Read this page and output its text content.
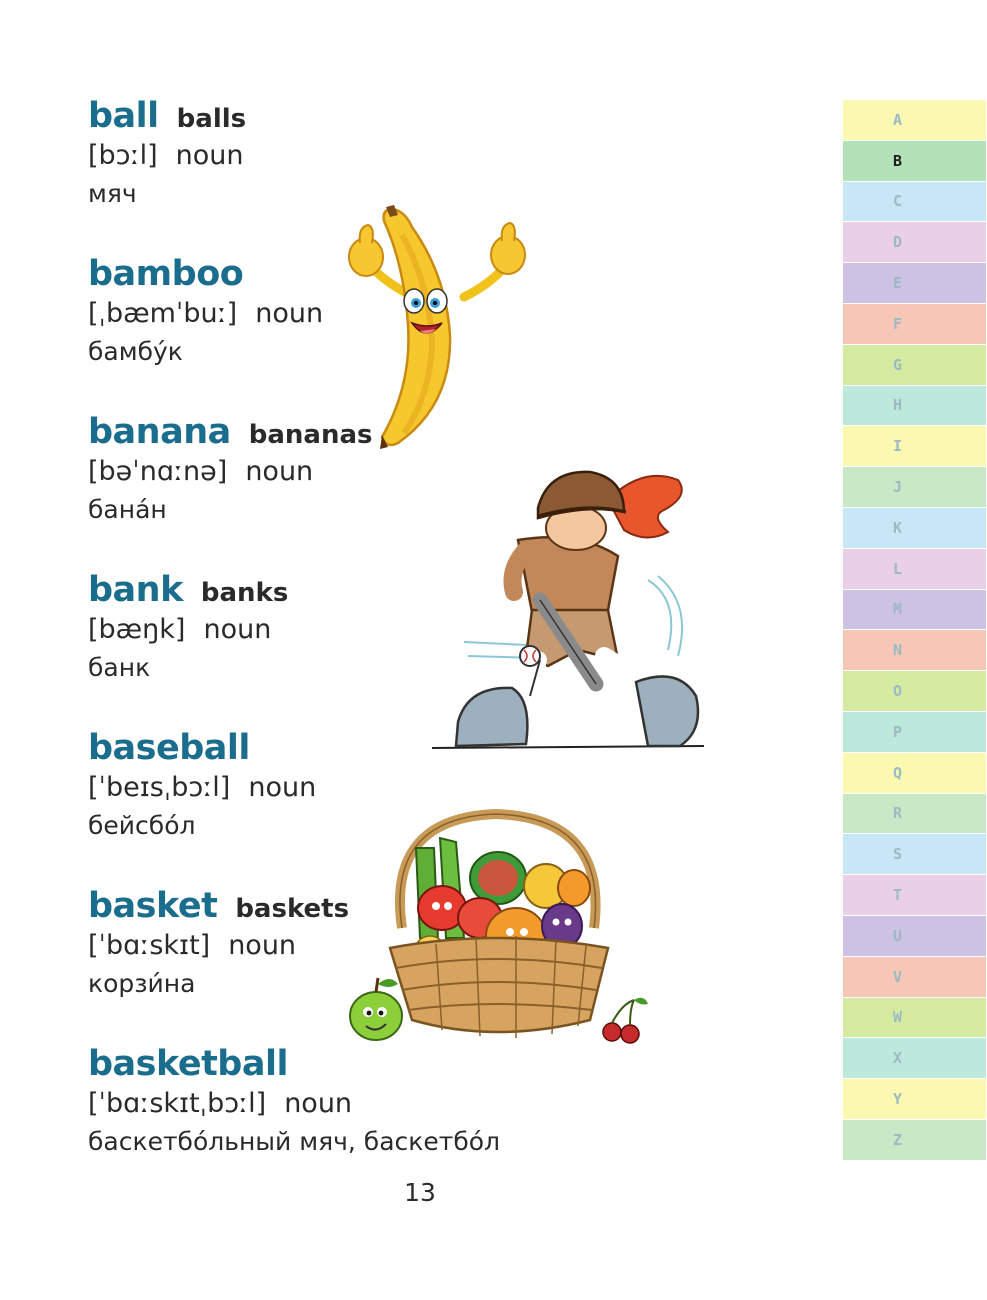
ball balls
[bɔːl] noun
мяч
bamboo
[ˌbæmˈbuː] noun
бамбу́к
banana bananas
[bəˈnɑːnə] noun
бана́н
bank banks
[bæŋk] noun
банк
baseball
[ˈbeɪsˌbɔːl] noun
бейсбо́л
basket baskets
[ˈbɑːskɪt] noun
корзи́на
basketball
[ˈbɑːskɪtˌbɔːl] noun
баскетбо́льный мяч, баскетбо́л
13
A
B
C
D
E
F
G
H
I
J
K
L
M
N
O
P
Q
R
S
T
U
V
W
X
Y
Z
